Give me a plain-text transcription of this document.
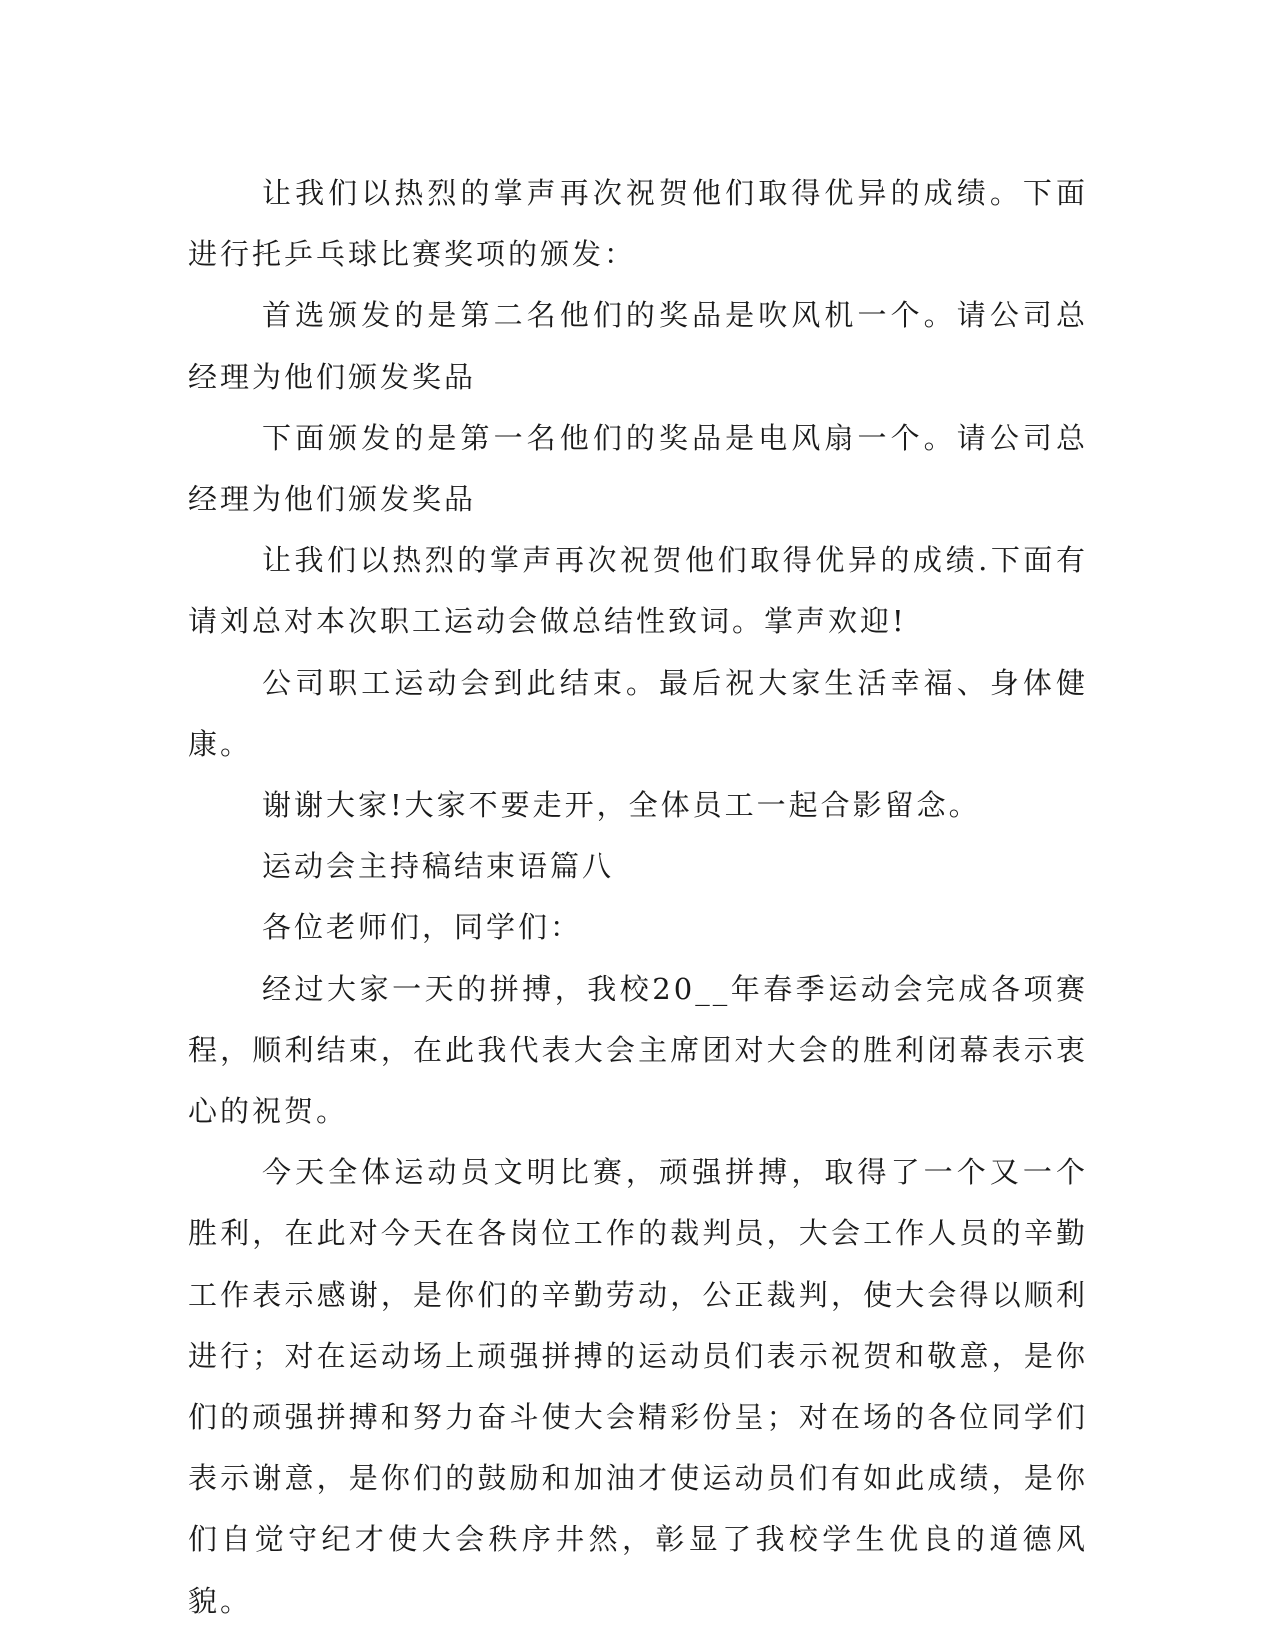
让我们以热烈的掌声再次祝贺他们取得优异的成绩。下面进行托乒乓球比赛奖项的颁发：

首选颁发的是第二名他们的奖品是吹风机一个。请公司总经理为他们颁发奖品

下面颁发的是第一名他们的奖品是电风扇一个。请公司总经理为他们颁发奖品

让我们以热烈的掌声再次祝贺他们取得优异的成绩.下面有请刘总对本次职工运动会做总结性致词。掌声欢迎!

公司职工运动会到此结束。最后祝大家生活幸福、身体健康。

谢谢大家!大家不要走开，全体员工一起合影留念。

运动会主持稿结束语篇八

各位老师们，同学们：

经过大家一天的拼搏，我校20__年春季运动会完成各项赛程，顺利结束，在此我代表大会主席团对大会的胜利闭幕表示衷心的祝贺。

今天全体运动员文明比赛，顽强拼搏，取得了一个又一个胜利，在此对今天在各岗位工作的裁判员，大会工作人员的辛勤工作表示感谢，是你们的辛勤劳动，公正裁判，使大会得以顺利进行；对在运动场上顽强拼搏的运动员们表示祝贺和敬意，是你们的顽强拼搏和努力奋斗使大会精彩份呈；对在场的各位同学们表示谢意，是你们的鼓励和加油才使运动员们有如此成绩，是你们自觉守纪才使大会秩序井然，彰显了我校学生优良的道德风貌。
